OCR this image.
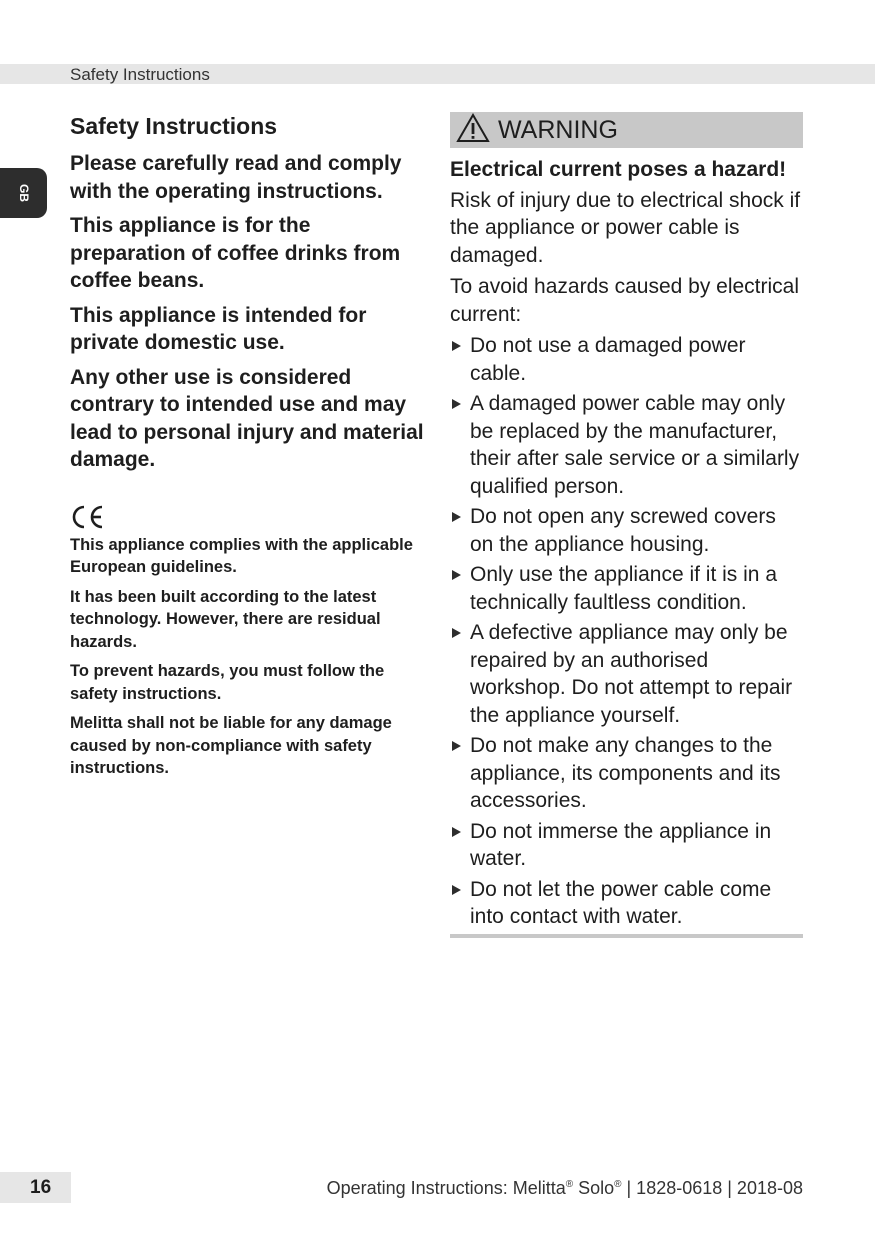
Safety Instructions
GB
Safety Instructions

Please carefully read and comply with the operating instructions.

This appliance is for the preparation of coffee drinks from coffee beans.

This appliance is intended for private domestic use.

Any other use is considered contrary to intended use and may lead to personal injury and material damage.

This appliance complies with the applicable European guidelines.

It has been built according to the latest technology. However, there are residual hazards.

To prevent hazards, you must follow the safety instructions.

Melitta shall not be liable for any damage caused by non-compliance with safety instructions.

WARNING
Electrical current poses a hazard!

Risk of injury due to electrical shock if the appliance or power cable is damaged.

To avoid hazards caused by electrical current:

Do not use a damaged power cable.
A damaged power cable may only be replaced by the manufacturer, their after sale service or a similarly qualified person.
Do not open any screwed covers on the appliance housing.
Only use the appliance if it is in a technically faultless condition.
A defective appliance may only be repaired by an authorised workshop. Do not attempt to repair the appliance yourself.
Do not make any changes to the appliance, its components and its accessories.
Do not immerse the appliance in water.
Do not let the power cable come into contact with water.
16	Operating Instructions: Melitta® Solo® | 1828-0618 | 2018-08
